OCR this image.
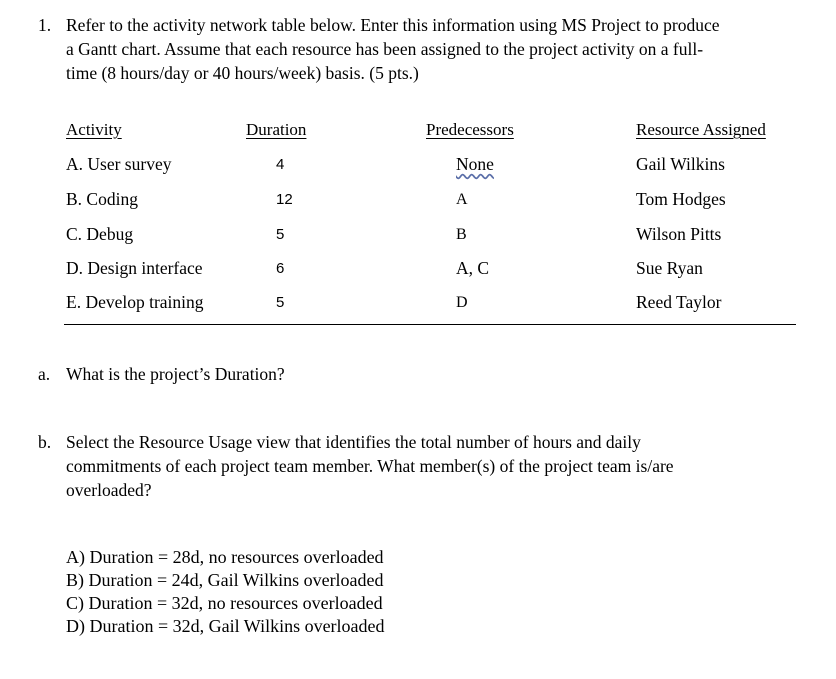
1. Refer to the activity network table below. Enter this information using MS Project to produce
a Gantt chart. Assume that each resource has been assigned to the project activity on a full-
time (8 hours/day or 40 hours/week) basis. (5 pts.)
Activity	Duration	Predecessors	Resource Assigned
A. User survey	4	None	Gail Wilkins
B. Coding	12	A	Tom Hodges
C. Debug	5	B	Wilson Pitts
D. Design interface	6	A, C	Sue Ryan
E. Develop training	5	D	Reed Taylor
a. What is the project’s Duration?
b. Select the Resource Usage view that identifies the total number of hours and daily
commitments of each project team member. What member(s) of the project team is/are
overloaded?
A) Duration = 28d, no resources overloaded
B) Duration = 24d, Gail Wilkins overloaded
C) Duration = 32d, no resources overloaded
D) Duration = 32d, Gail Wilkins overloaded
